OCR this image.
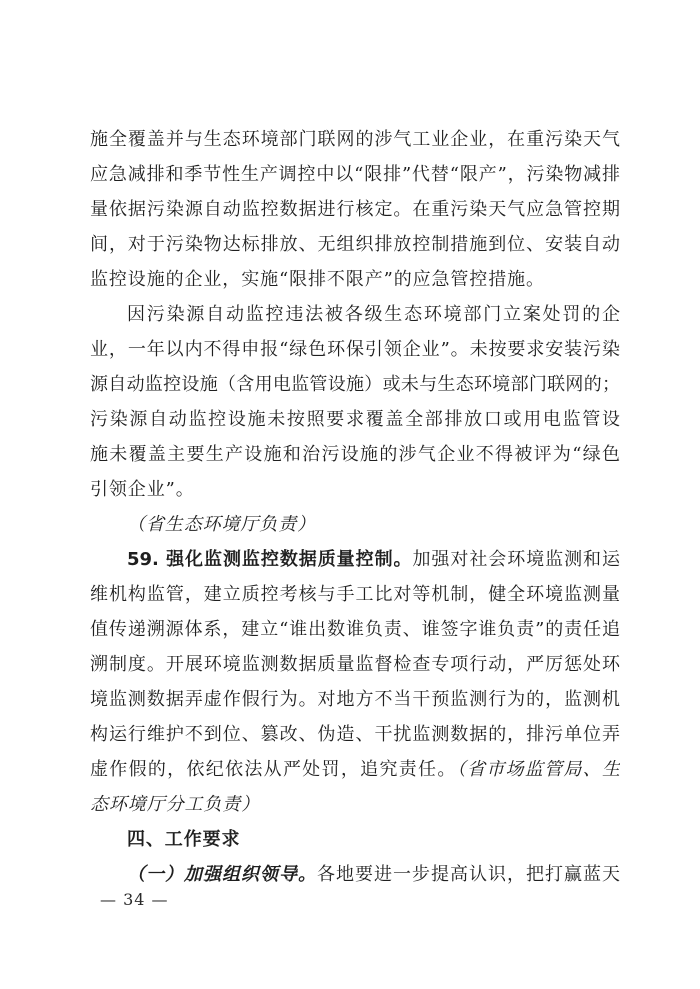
施全覆盖并与生态环境部门联网的涉气工业企业，在重污染天气
应急减排和季节性生产调控中以“限排”代替“限产”，污染物减排
量依据污染源自动监控数据进行核定。在重污染天气应急管控期
间，对于污染物达标排放、无组织排放控制措施到位、安装自动
监控设施的企业，实施“限排不限产”的应急管控措施。
因污染源自动监控违法被各级生态环境部门立案处罚的企
业，一年以内不得申报“绿色环保引领企业”。未按要求安装污染
源自动监控设施（含用电监管设施）或未与生态环境部门联网的；
污染源自动监控设施未按照要求覆盖全部排放口或用电监管设
施未覆盖主要生产设施和治污设施的涉气企业不得被评为“绿色
引领企业”。
（省生态环境厅负责）
59. 强化监测监控数据质量控制。加强对社会环境监测和运
维机构监管，建立质控考核与手工比对等机制，健全环境监测量
值传递溯源体系，建立“谁出数谁负责、谁签字谁负责”的责任追
溯制度。开展环境监测数据质量监督检查专项行动，严厉惩处环
境监测数据弄虚作假行为。对地方不当干预监测行为的，监测机
构运行维护不到位、篡改、伪造、干扰监测数据的，排污单位弄
虚作假的，依纪依法从严处罚，追究责任。（省市场监管局、生
态环境厅分工负责）
四、工作要求
（一）加强组织领导。各地要进一步提高认识，把打赢蓝天
— 34 —
